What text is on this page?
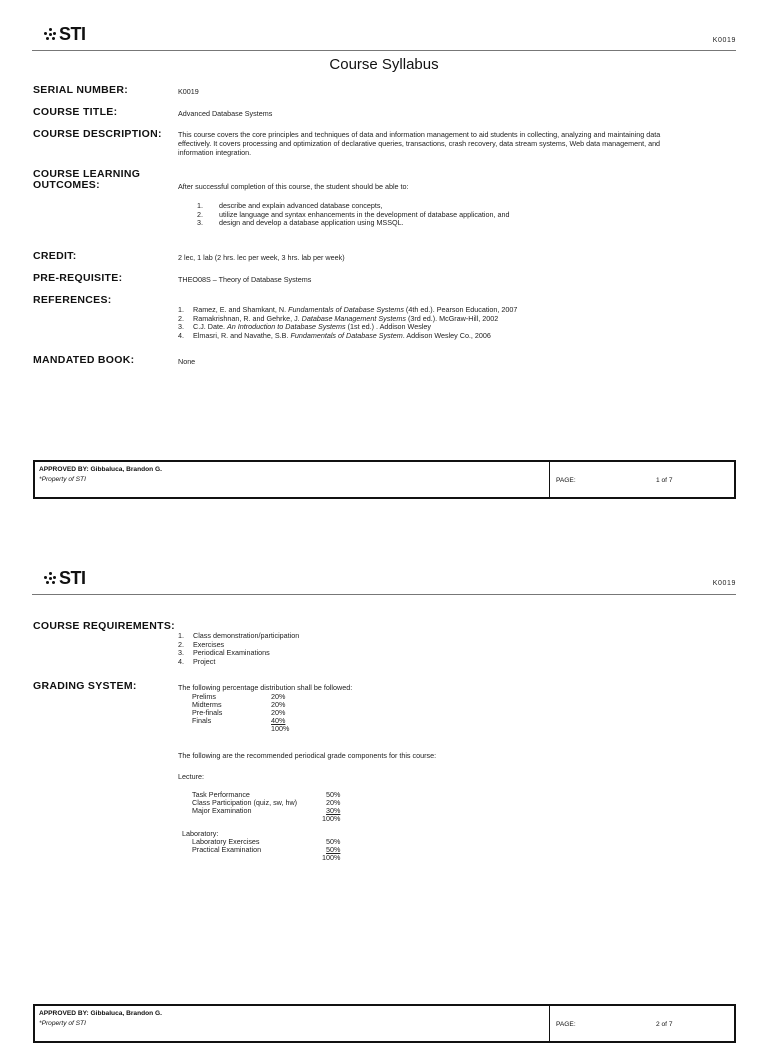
STI	K0019
Course Syllabus
SERIAL NUMBER:	K0019
COURSE TITLE:	Advanced Database Systems
COURSE DESCRIPTION: This course covers the core principles and techniques of data and information management to aid students in collecting, analyzing and maintaining data
effectively. It covers processing and optimization of declarative queries, transactions, crash recovery, data stream systems, Web data management, and
information integration.
COURSE LEARNING
OUTCOMES:	After successful completion of this course, the student should be able to:
1.	describe and explain advanced database concepts,
2.	utilize language and syntax enhancements in the development of database application, and
3.	design and develop a database application using MSSQL.
CREDIT:	2 lec, 1 lab (2 hrs. lec per week, 3 hrs. lab per week)
PRE-REQUISITE:	THEO08S – Theory of Database Systems
REFERENCES:
1.	Ramez, E. and Shamkant, N. Fundamentals of Database Systems (4th ed.). Pearson Education, 2007
2.	Ramakrishnan, R. and Gehrke, J. Database Management Systems (3rd ed.). McGraw-Hill, 2002
3.	C.J. Date. An Introduction to Database Systems (1st ed.) . Addison Wesley
4.	Elmasri, R. and Navathe, S.B. Fundamentals of Database System. Addison Wesley Co., 2006
MANDATED BOOK:	None
APPROVED BY: Gibbaluca, Brandon G.
*Property of STI	PAGE:	1 of 7
STI	K0019
COURSE REQUIREMENTS:
1.	Class demonstration/participation
2.	Exercises
3.	Periodical Examinations
4.	Project
GRADING SYSTEM:	The following percentage distribution shall be followed:
Prelims	20%
Midterms	20%
Pre-finals	20%
Finals	40%
	100%
The following are the recommended periodical grade components for this course:
Lecture:
Task Performance	50%
Class Participation (quiz, sw, hw)	20%
Major Examination	30%
	100%
Laboratory:
Laboratory Exercises	50%
Practical Examination	50%
	100%
APPROVED BY: Gibbaluca, Brandon G.
*Property of STI	PAGE:	2 of 7
